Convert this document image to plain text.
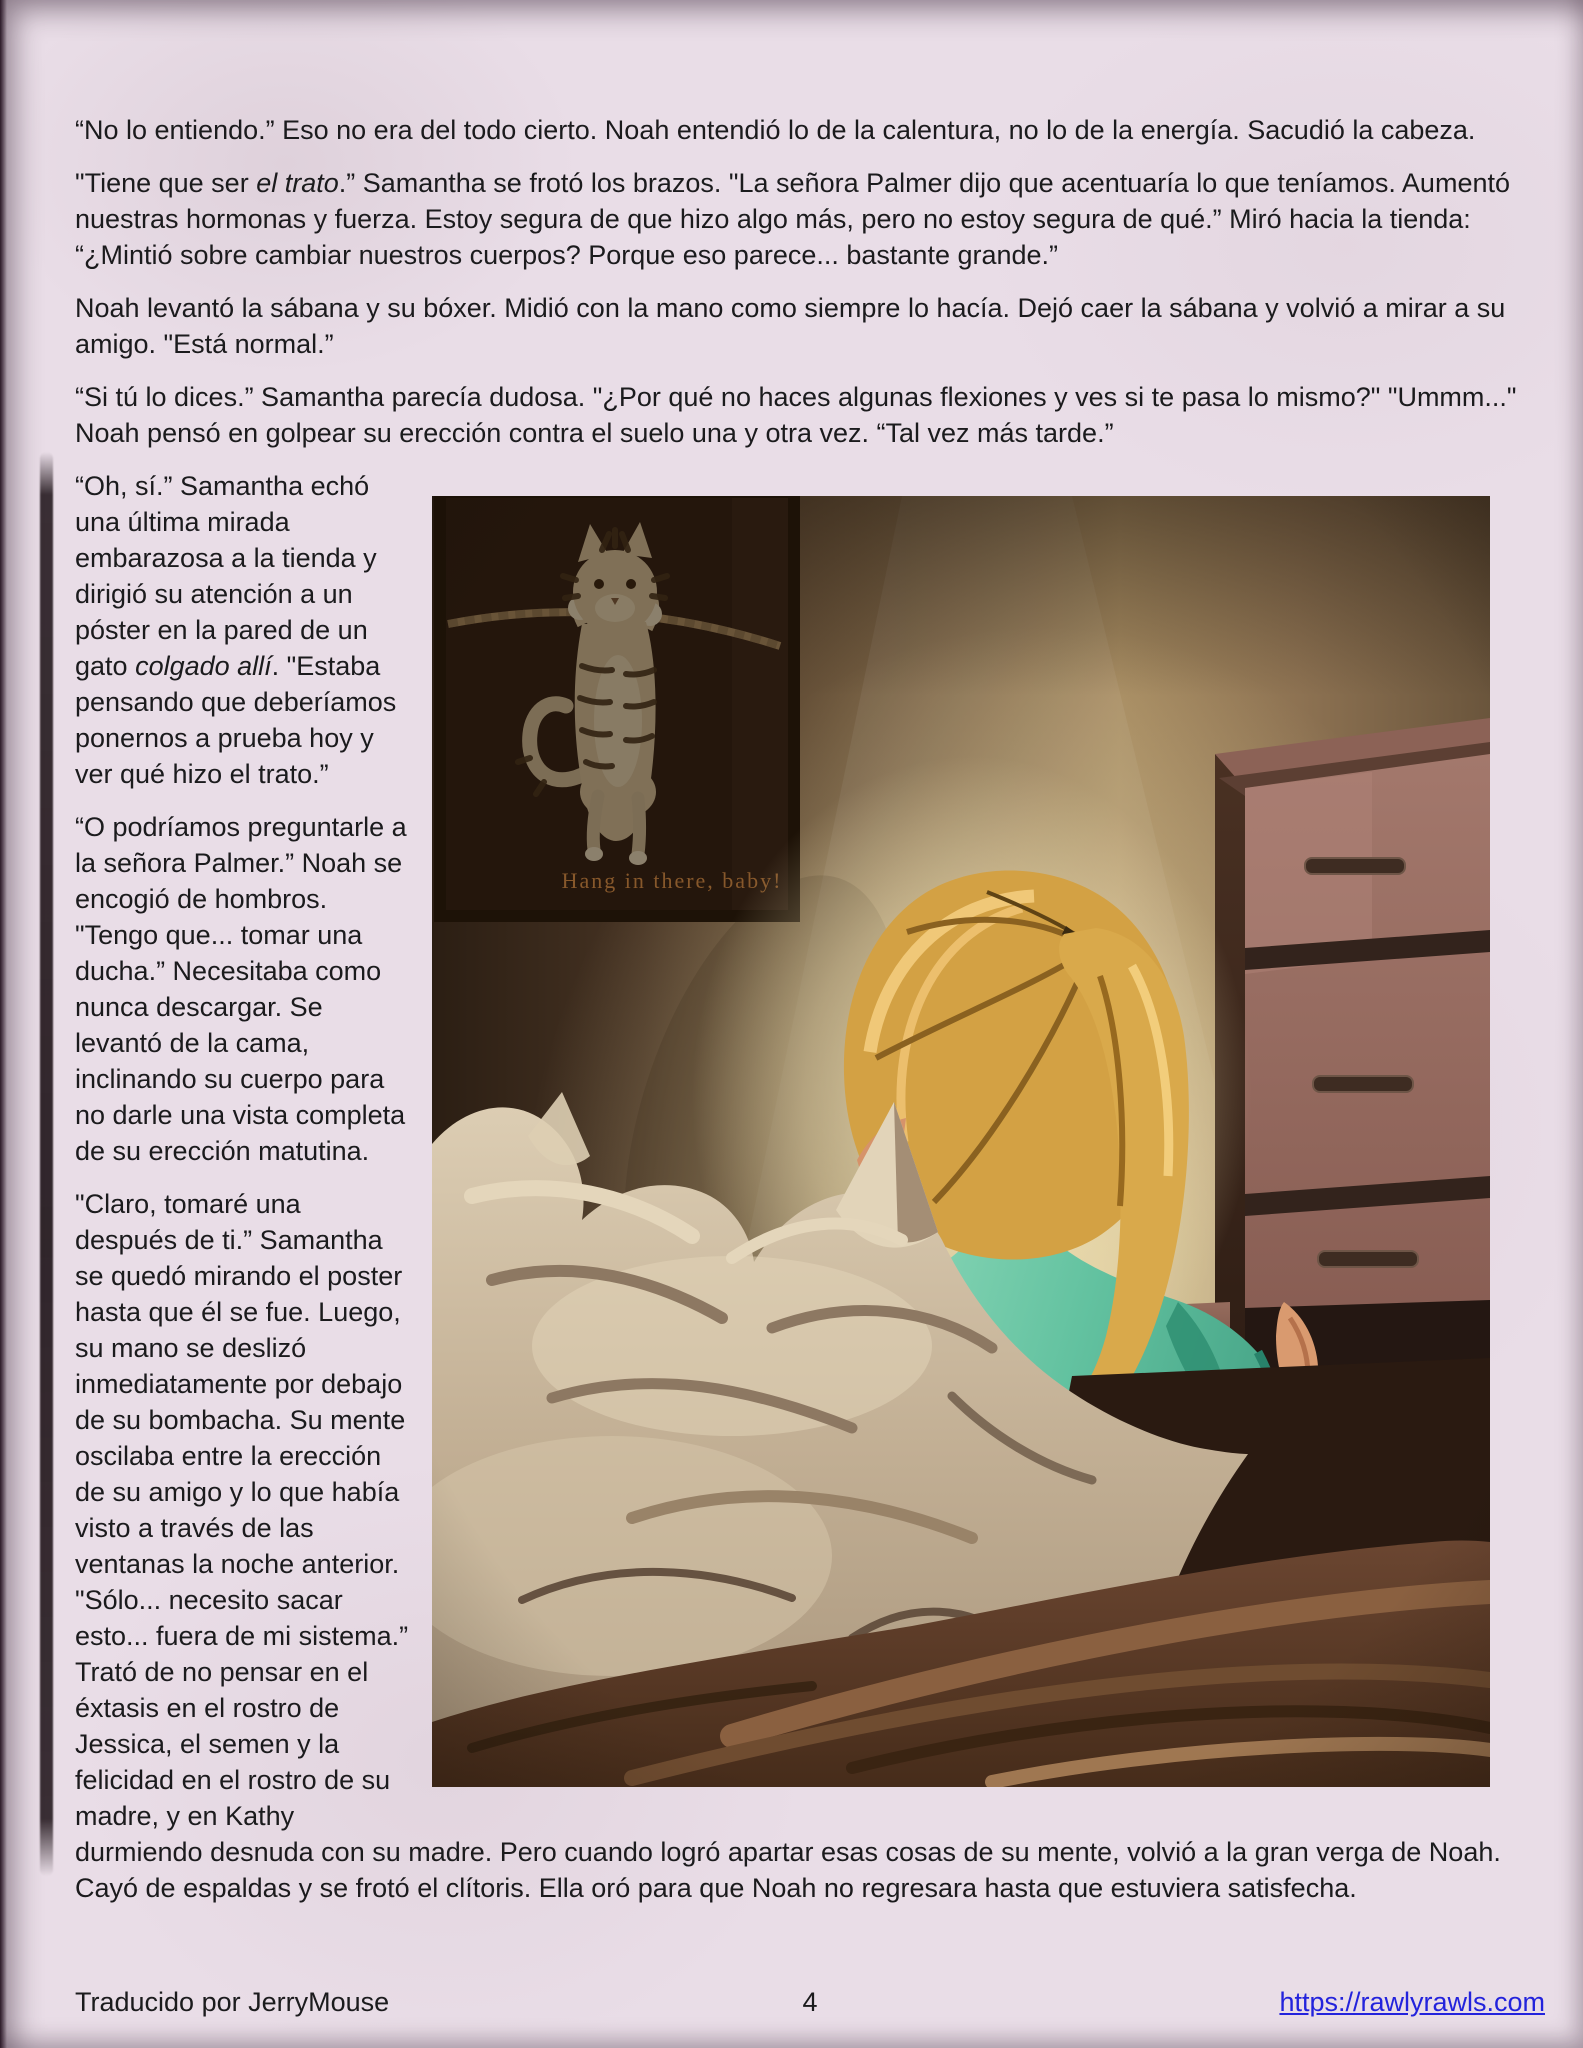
“No lo entiendo.” Eso no era del todo cierto. Noah entendió lo de la calentura, no lo de la energía. Sacudió la cabeza.

"Tiene que ser el trato.” Samantha se frotó los brazos. "La señora Palmer dijo que acentuaría lo que teníamos. Aumentó nuestras hormonas y fuerza. Estoy segura de que hizo algo más, pero no estoy segura de qué.” Miró hacia la tienda: “¿Mintió sobre cambiar nuestros cuerpos? Porque eso parece... bastante grande.”

Noah levantó la sábana y su bóxer. Midió con la mano como siempre lo hacía. Dejó caer la sábana y volvió a mirar a su amigo. "Está normal.”

“Si tú lo dices.” Samantha parecía dudosa. "¿Por qué no haces algunas flexiones y ves si te pasa lo mismo?" "Ummm..." Noah pensó en golpear su erección contra el suelo una y otra vez. “Tal vez más tarde.”

“Oh, sí.” Samantha echó una última mirada embarazosa a la tienda y dirigió su atención a un póster en la pared de un gato colgado allí. "Estaba pensando que deberíamos ponernos a prueba hoy y ver qué hizo el trato.”

“O podríamos preguntarle a la señora Palmer.” Noah se encogió de hombros. "Tengo que... tomar una ducha.” Necesitaba como nunca descargar. Se levantó de la cama, inclinando su cuerpo para no darle una vista completa de su erección matutina.

"Claro, tomaré una después de ti.” Samantha se quedó mirando el poster hasta que él se fue. Luego, su mano se deslizó inmediatamente por debajo de su bombacha. Su mente oscilaba entre la erección de su amigo y lo que había visto a través de las ventanas la noche anterior. "Sólo... necesito sacar esto... fuera de mi sistema.” Trató de no pensar en el éxtasis en el rostro de Jessica, el semen y la felicidad en el rostro de su madre, y en Kathy durmiendo desnuda con su madre. Pero cuando logró apartar esas cosas de su mente, volvió a la gran verga de Noah. Cayó de espaldas y se frotó el clítoris. Ella oró para que Noah no regresara hasta que estuviera satisfecha.

Traducido por JerryMouse	4	https://rawlyrawls.com
